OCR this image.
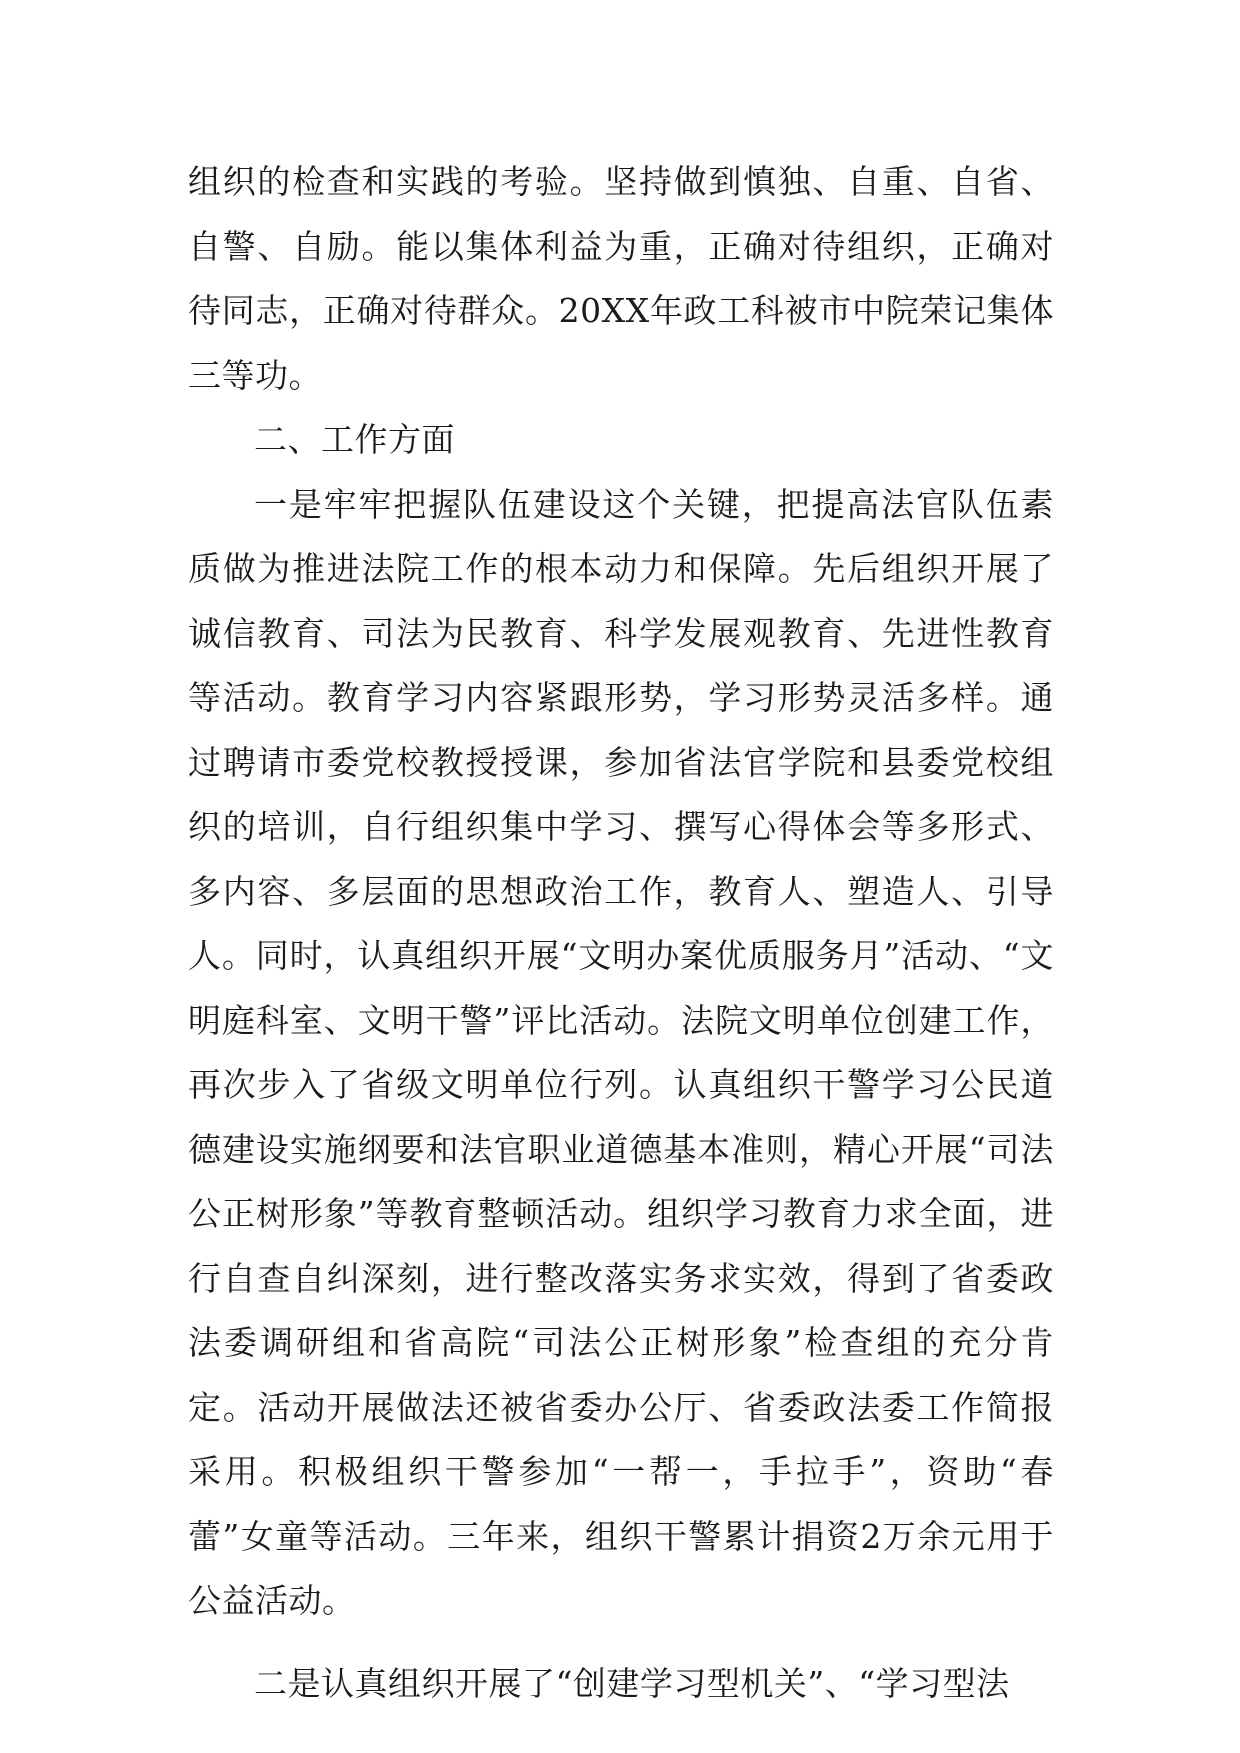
组织的检查和实践的考验。坚持做到慎独、自重、自省、自警、自励。能以集体利益为重，正确对待组织，正确对待同志，正确对待群众。20XX年政工科被市中院荣记集体三等功。

二、工作方面

一是牢牢把握队伍建设这个关键，把提高法官队伍素质做为推进法院工作的根本动力和保障。先后组织开展了诚信教育、司法为民教育、科学发展观教育、先进性教育等活动。教育学习内容紧跟形势，学习形势灵活多样。通过聘请市委党校教授授课，参加省法官学院和县委党校组织的培训，自行组织集中学习、撰写心得体会等多形式、多内容、多层面的思想政治工作，教育人、塑造人、引导人。同时，认真组织开展“文明办案优质服务月”活动、“文明庭科室、文明干警”评比活动。法院文明单位创建工作，再次步入了省级文明单位行列。认真组织干警学习公民道德建设实施纲要和法官职业道德基本准则，精心开展“司法公正树形象”等教育整顿活动。组织学习教育力求全面，进行自查自纠深刻，进行整改落实务求实效，得到了省委政法委调研组和省高院“司法公正树形象”检查组的充分肯定。活动开展做法还被省委办公厅、省委政法委工作简报采用。积极组织干警参加“一帮一，手拉手”，资助“春蕾”女童等活动。三年来，组织干警累计捐资2万余元用于公益活动。

二是认真组织开展了“创建学习型机关”、“学习型法
